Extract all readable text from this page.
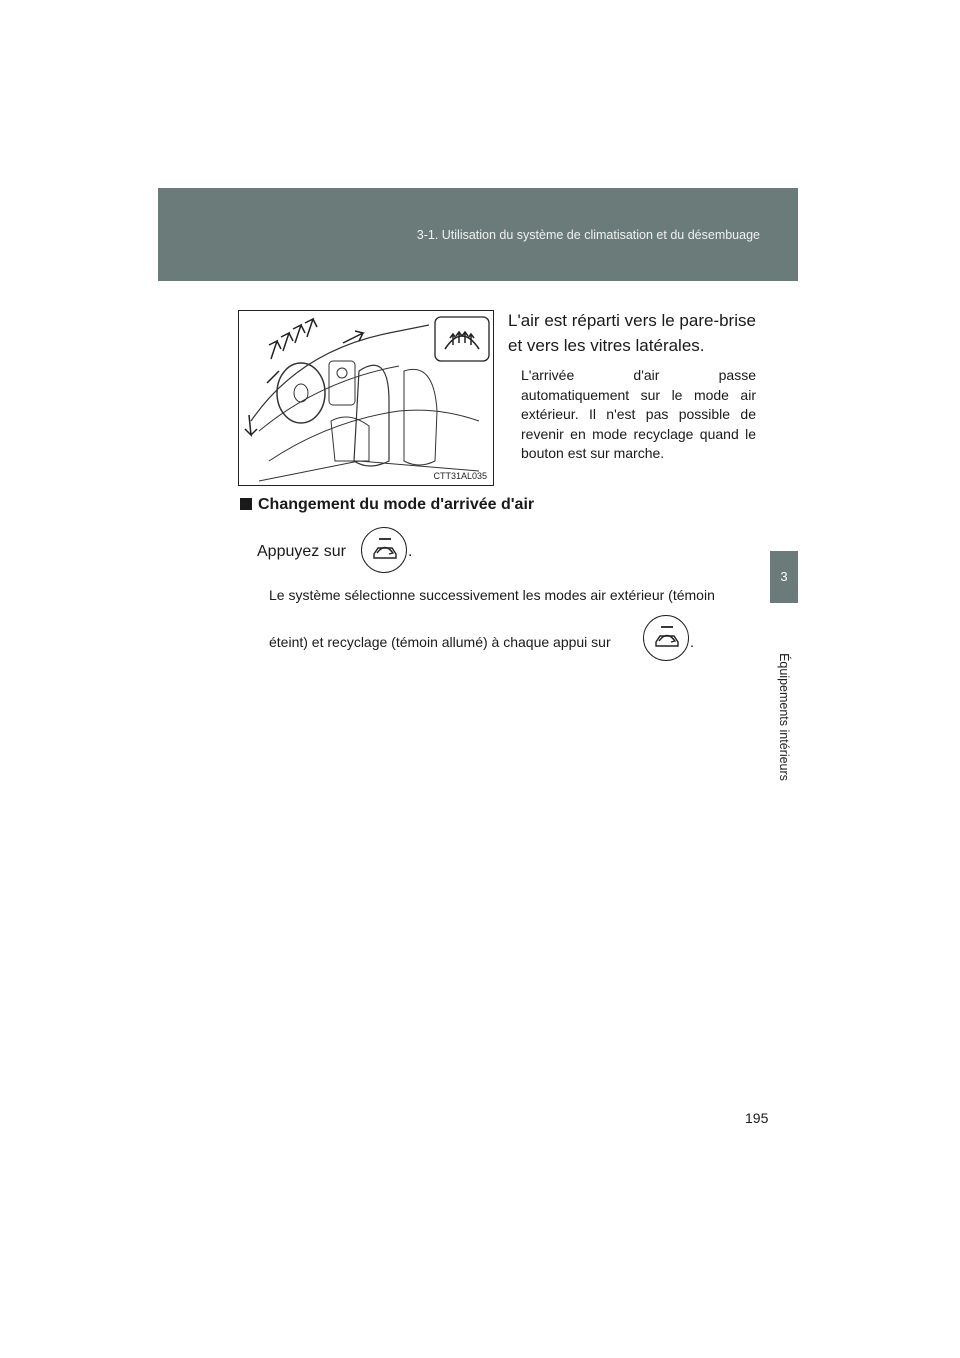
3-1. Utilisation du système de climatisation et du désembuage
3
Équipements intérieurs
CTT31AL035
L'air est réparti vers le pare-brise et vers les vitres latérales.
L'arrivée d'air passe automatiquement sur le mode air extérieur. Il n'est pas possible de revenir en mode recyclage quand le bouton est sur marche.
Changement du mode d'arrivée d'air
Appuyez sur	.
Le système sélectionne successivement les modes air extérieur (témoin
éteint) et recyclage (témoin allumé) à chaque appui sur	.
195
